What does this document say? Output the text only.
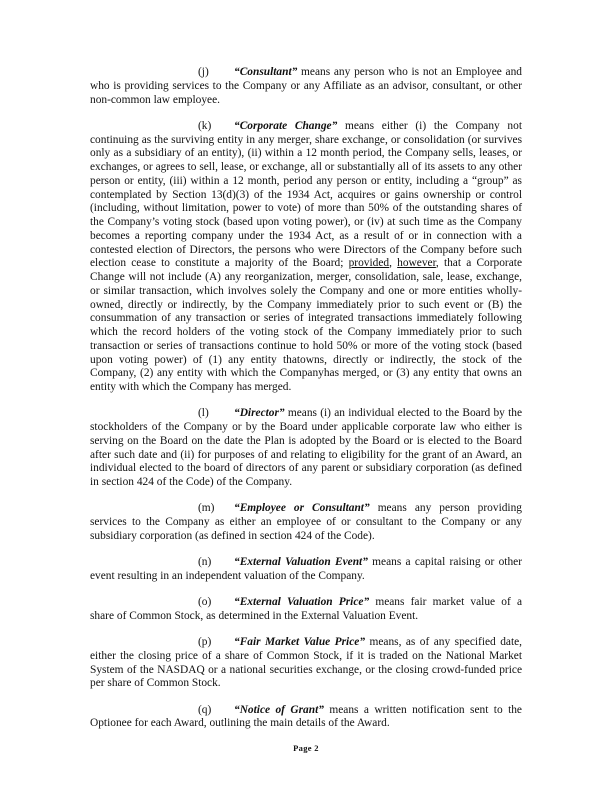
(j) “Consultant” means any person who is not an Employee and who is providing services to the Company or any Affiliate as an advisor, consultant, or other non-common law employee.

(k) “Corporate Change” means either (i) the Company not continuing as the surviving entity in any merger, share exchange, or consolidation (or survives only as a subsidiary of an entity), (ii) within a 12 month period, the Company sells, leases, or exchanges, or agrees to sell, lease, or exchange, all or substantially all of its assets to any other person or entity, (iii) within a 12 month, period any person or entity, including a “group” as contemplated by Section 13(d)(3) of the 1934 Act, acquires or gains ownership or control (including, without limitation, power to vote) of more than 50% of the outstanding shares of the Company’s voting stock (based upon voting power), or (iv) at such time as the Company becomes a reporting company under the 1934 Act, as a result of or in connection with a contested election of Directors, the persons who were Directors of the Company before such election cease to constitute a majority of the Board; provided, however, that a Corporate Change will not include (A) any reorganization, merger, consolidation, sale, lease, exchange, or similar transaction, which involves solely the Company and one or more entities wholly-owned, directly or indirectly, by the Company immediately prior to such event or (B) the consummation of any transaction or series of integrated transactions immediately following which the record holders of the voting stock of the Company immediately prior to such transaction or series of transactions continue to hold 50% or more of the voting stock (based upon voting power) of (1) any entity thatowns, directly or indirectly, the stock of the Company, (2) any entity with which the Companyhas merged, or (3) any entity that owns an entity with which the Company has merged.

(l) “Director” means (i) an individual elected to the Board by the stockholders of the Company or by the Board under applicable corporate law who either is serving on the Board on the date the Plan is adopted by the Board or is elected to the Board after such date and (ii) for purposes of and relating to eligibility for the grant of an Award, an individual elected to the board of directors of any parent or subsidiary corporation (as defined in section 424 of the Code) of the Company.

(m) “Employee or Consultant” means any person providing services to the Company as either an employee of or consultant to the Company or any subsidiary corporation (as defined in section 424 of the Code).

(n) “External Valuation Event” means a capital raising or other event resulting in an independent valuation of the Company.

(o) “External Valuation Price” means fair market value of a share of Common Stock, as determined in the External Valuation Event.

(p) “Fair Market Value Price” means, as of any specified date, either the closing price of a share of Common Stock, if it is traded on the National Market System of the NASDAQ or a national securities exchange, or the closing crowd-funded price per share of Common Stock.

(q) “Notice of Grant” means a written notification sent to the Optionee for each Award, outlining the main details of the Award.

Page 2
